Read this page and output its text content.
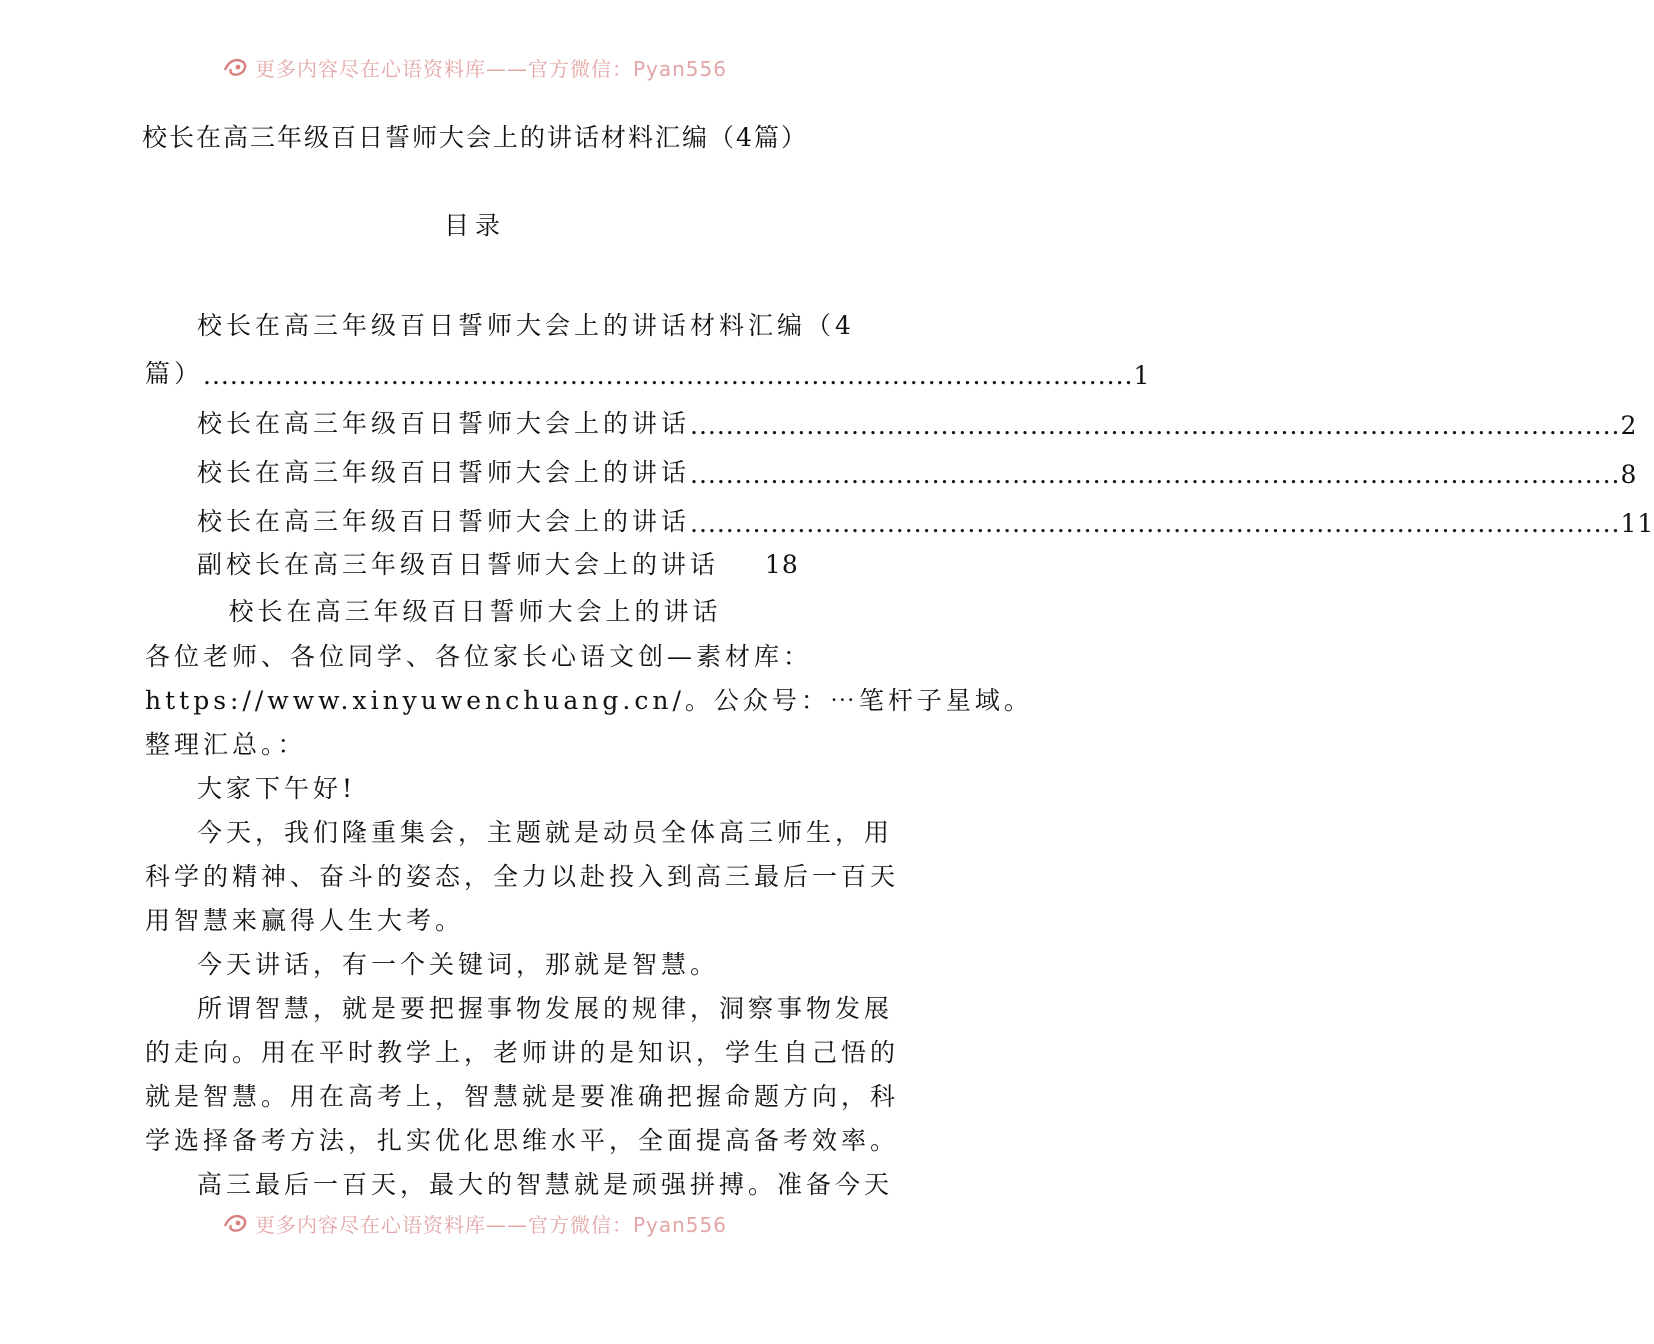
更多内容尽在心语资料库——官方微信：Pyan556
校长在高三年级百日誓师大会上的讲话材料汇编（4篇）
目录
校长在高三年级百日誓师大会上的讲话材料汇编（4
篇） ........................................................................................................ 1
校长在高三年级百日誓师大会上的讲话 ........................................................................................................ 2
校长在高三年级百日誓师大会上的讲话 ........................................................................................................ 8
校长在高三年级百日誓师大会上的讲话 ........................................................................................................ 11
副校长在高三年级百日誓师大会上的讲话 18
校长在高三年级百日誓师大会上的讲话
各位老师、各位同学、各位家长心语文创—素材库：
https://www.xinyuwenchuang.cn/。公众号：⋯笔杆子星域。
整理汇总。：
大家下午好!
今天，我们隆重集会，主题就是动员全体高三师生，用
科学的精神、奋斗的姿态，全力以赴投入到高三最后一百天
用智慧来赢得人生大考。
今天讲话，有一个关键词，那就是智慧。
所谓智慧，就是要把握事物发展的规律，洞察事物发展
的走向。用在平时教学上，老师讲的是知识，学生自己悟的
就是智慧。用在高考上，智慧就是要准确把握命题方向，科
学选择备考方法，扎实优化思维水平，全面提高备考效率。
高三最后一百天，最大的智慧就是顽强拼搏。准备今天
更多内容尽在心语资料库——官方微信：Pyan556
